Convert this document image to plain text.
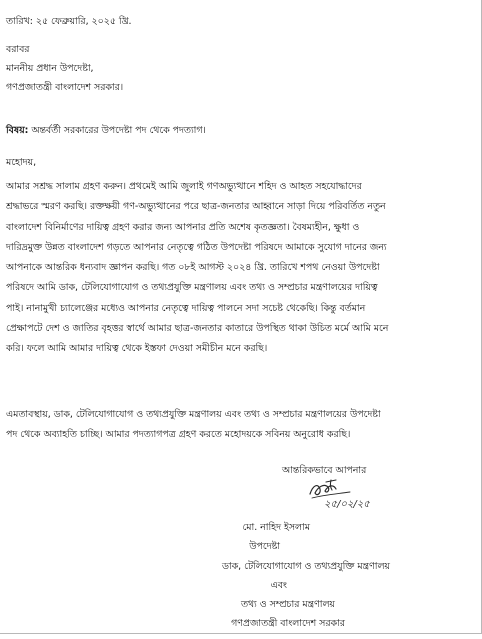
তারিখ: ২৫ ফেব্রুয়ারি, ২০২৫ খ্রি.
বরাবর
মাননীয় প্রধান উপদেষ্টা,
গণপ্রজাতন্ত্রী বাংলাদেশ সরকার।
বিষয়: অন্তর্বর্তী সরকারের উপদেষ্টা পদ থেকে পদত্যাগ।
মহোদয়,
আমার সশ্রদ্ধ সালাম গ্রহণ করুন। প্রথমেই আমি জুলাই গণঅভ্যুত্থানে শহিদ ও আহত সহযোদ্ধাদের
শ্রদ্ধাভরে স্মরণ করছি। রক্তক্ষয়ী গণ-অভ্যুত্থানের পরে ছাত্র-জনতার আহ্বানে সাড়া দিয়ে পরিবর্তিত নতুন
বাংলাদেশ বিনির্মাণের দায়িত্ব গ্রহণ করার জন্য আপনার প্রতি অশেষ কৃতজ্ঞতা। বৈষম্যহীন, ক্ষুধা ও
দারিদ্রমুক্ত উন্নত বাংলাদেশ গড়তে আপনার নেতৃত্বে গঠিত উপদেষ্টা পরিষদে আমাকে সুযোগ দানের জন্য
আপনাকে আন্তরিক ধন্যবাদ জ্ঞাপন করছি। গত ০৮ই আগস্ট ২০২৪ খ্রি. তারিখে শপথ নেওয়া উপদেষ্টা
পরিষদে আমি ডাক, টেলিযোগাযোগ ও তথ্যপ্রযুক্তি মন্ত্রণালয় এবং তথ্য ও সম্প্রচার মন্ত্রণালয়ের দায়িত্ব
পাই। নানামুখী চ্যালেঞ্জের মধ্যেও আপনার নেতৃত্বে দায়িত্ব পালনে সদা সচেষ্ট থেকেছি। কিন্তু বর্তমান
প্রেক্ষাপটে দেশ ও জাতির বৃহত্তর স্বার্থে আমার ছাত্র-জনতার কাতারে উপস্থিত থাকা উচিত মর্মে আমি মনে
করি। ফলে আমি আমার দায়িত্ব থেকে ইস্তফা দেওয়া সমীচীন মনে করছি।
এমতাবস্থায়, ডাক, টেলিযোগাযোগ ও তথ্যপ্রযুক্তি মন্ত্রণালয় এবং তথ্য ও সম্প্রচার মন্ত্রণালয়ের উপদেষ্টা
পদ থেকে অব্যাহতি চাচ্ছি। আমার পদত্যাগপত্র গ্রহণ করতে মহোদয়কে সবিনয় অনুরোধ করছি।
আন্তরিকভাবে আপনার
২৫/০২/২৫
মো. নাহিদ ইসলাম
উপদেষ্টা
ডাক, টেলিযোগাযোগ ও তথ্যপ্রযুক্তি মন্ত্রণালয়
এবং
তথ্য ও সম্প্রচার মন্ত্রণালয়
গণপ্রজাতন্ত্রী বাংলাদেশ সরকার
